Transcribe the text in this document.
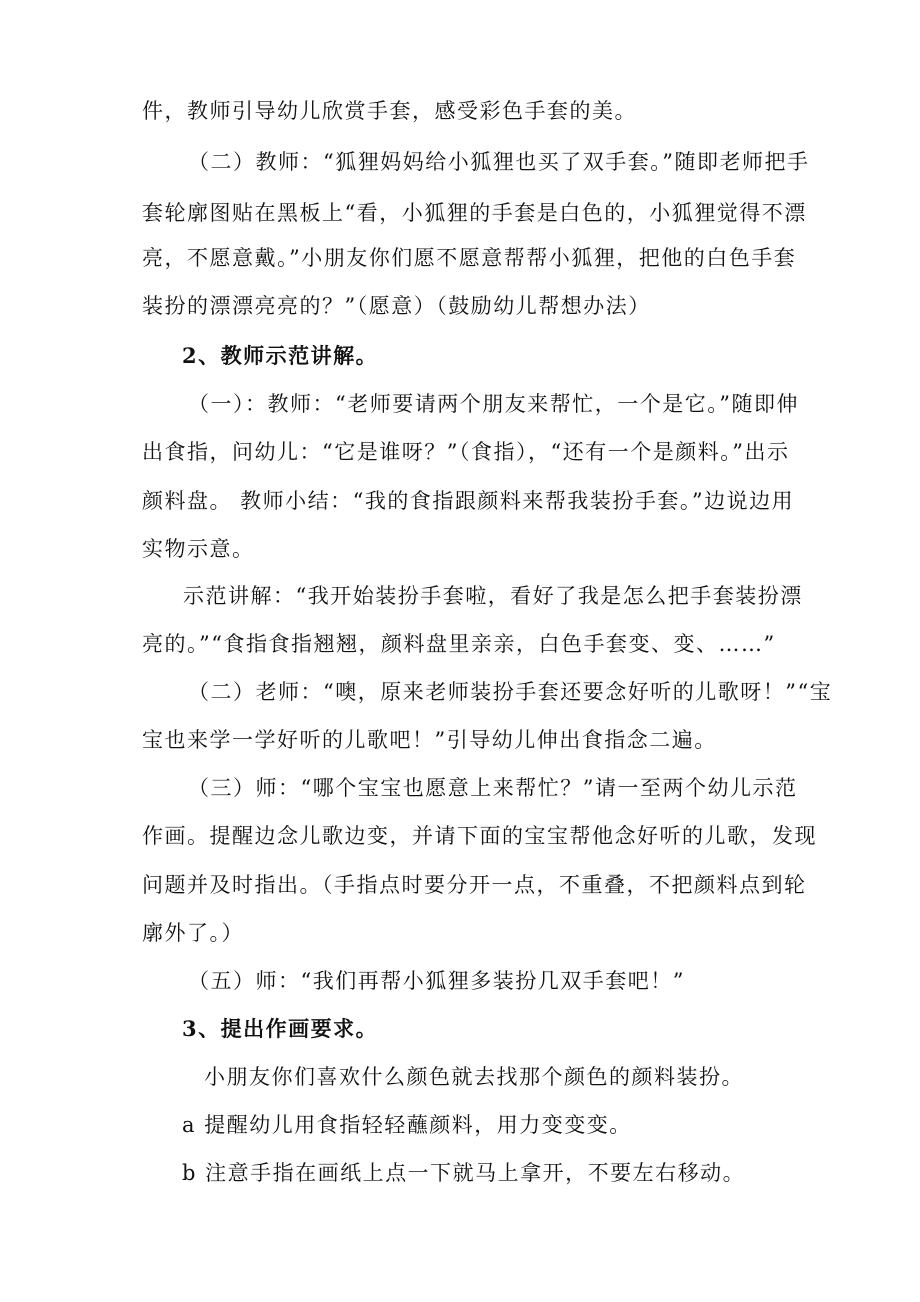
件，教师引导幼儿欣赏手套，感受彩色手套的美。

（二）教师：“狐狸妈妈给小狐狸也买了双手套。”随即老师把手

套轮廓图贴在黑板上“看，小狐狸的手套是白色的，小狐狸觉得不漂

亮，不愿意戴。”小朋友你们愿不愿意帮帮小狐狸，把他的白色手套

装扮的漂漂亮亮的？”（愿意）（鼓励幼儿帮想办法）

2、教师示范讲解。

（一）：教师：“老师要请两个朋友来帮忙，一个是它。”随即伸

出食指，问幼儿：“它是谁呀？”（食指），“还有一个是颜料。”出示

颜料盘。 教师小结：“我的食指跟颜料来帮我装扮手套。”边说边用

实物示意。

示范讲解：“我开始装扮手套啦，看好了我是怎么把手套装扮漂

亮的。”“食指食指翘翘，颜料盘里亲亲，白色手套变、变、……”

（二）老师：“噢，原来老师装扮手套还要念好听的儿歌呀！”“宝

宝也来学一学好听的儿歌吧！”引导幼儿伸出食指念二遍。

（三）师：“哪个宝宝也愿意上来帮忙？”请一至两个幼儿示范

作画。提醒边念儿歌边变，并请下面的宝宝帮他念好听的儿歌，发现

问题并及时指出。（手指点时要分开一点，不重叠，不把颜料点到轮

廓外了。）

（五）师：“我们再帮小狐狸多装扮几双手套吧！”

3、提出作画要求。

小朋友你们喜欢什么颜色就去找那个颜色的颜料装扮。

a 提醒幼儿用食指轻轻蘸颜料，用力变变变。

b 注意手指在画纸上点一下就马上拿开，不要左右移动。
